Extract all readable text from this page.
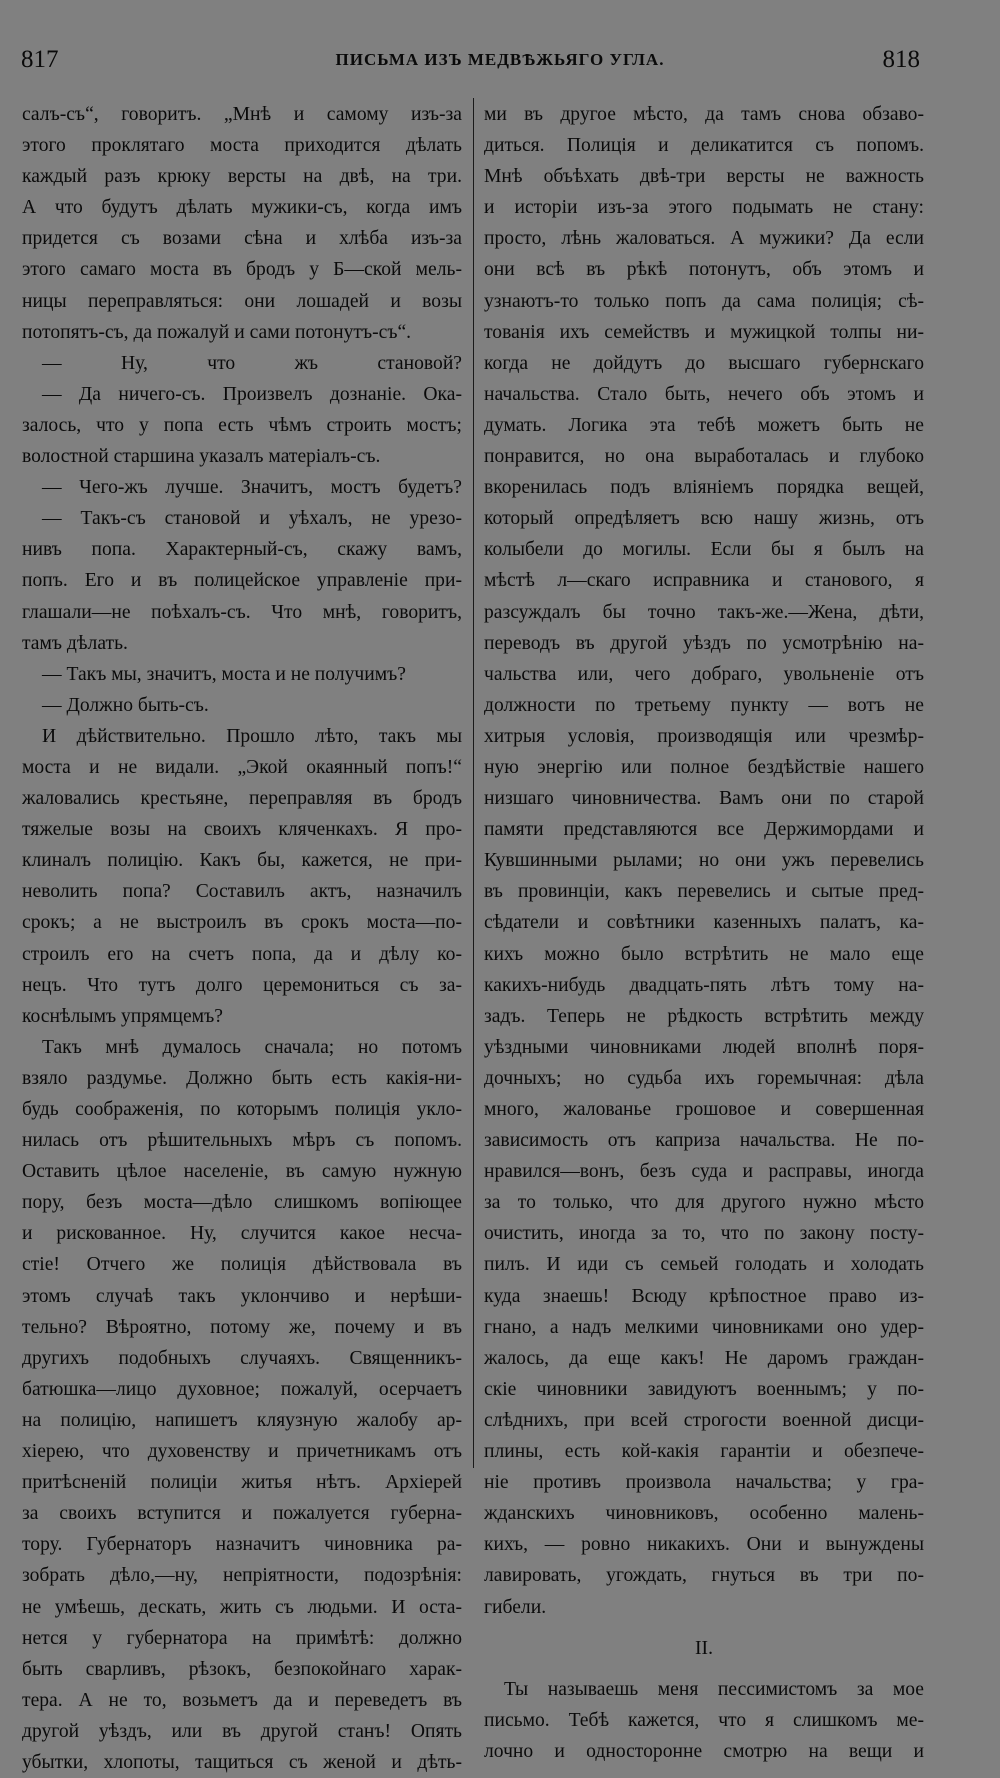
817	ПИСЬМА ИЗЪ МЕДВѢЖЬЯГО УГЛА.	818
салъ-съ“, говоритъ. „Мнѣ и самому изъ-за
этого проклятаго моста приходится дѣлать
каждый разъ крюку версты на двѣ, на три.
А что будутъ дѣлать мужики-съ, когда имъ
придется съ возами сѣна и хлѣба изъ-за
этого самаго моста въ бродъ у Б—ской мель-
ницы переправляться: они лошадей и возы
потопятъ-съ, да пожалуй и сами потонутъ-съ“.
— Ну, что жъ становой?
— Да ничего-съ. Произвелъ дознаніе. Ока-
залось, что у попа есть чѣмъ строить мостъ;
волостной старшина указалъ матеріалъ-съ.
— Чего-жъ лучше. Значитъ, мостъ будетъ?
— Такъ-съ становой и уѣхалъ, не урезо-
нивъ попа. Характерный-съ, скажу вамъ,
попъ. Его и въ полицейское управленіе при-
глашали—не поѣхалъ-съ. Что мнѣ, говоритъ,
тамъ дѣлать.
— Такъ мы, значитъ, моста и не получимъ?
— Должно быть-съ.
И дѣйствительно. Прошло лѣто, такъ мы
моста и не видали. „Экой окаянный попъ!“
жаловались крестьяне, переправляя въ бродъ
тяжелые возы на своихъ кляченкахъ. Я про-
клиналъ полицію. Какъ бы, кажется, не при-
неволить попа? Составилъ актъ, назначилъ
срокъ; а не выстроилъ въ срокъ моста—по-
строилъ его на счетъ попа, да и дѣлу ко-
нецъ. Что тутъ долго церемониться съ за-
коснѣлымъ упрямцемъ?
Такъ мнѣ думалось сначала; но потомъ
взяло раздумье. Должно быть есть какія-ни-
будь соображенія, по которымъ полиція укло-
нилась отъ рѣшительныхъ мѣръ съ попомъ.
Оставить цѣлое населеніе, въ самую нужную
пору, безъ моста—дѣло слишкомъ вопіющее
и рискованное. Ну, случится какое несча-
стіе! Отчего же полиція дѣйствовала въ
этомъ случаѣ такъ уклончиво и нерѣши-
тельно? Вѣроятно, потому же, почему и въ
другихъ подобныхъ случаяхъ. Священникъ-
батюшка—лицо духовное; пожалуй, осерчаетъ
на полицію, напишетъ кляузную жалобу ар-
хіерею, что духовенству и причетникамъ отъ
притѣсненій полиціи житья нѣтъ. Архіерей
за своихъ вступится и пожалуется губерна-
тору. Губернаторъ назначитъ чиновника ра-
зобрать дѣло,—ну, непріятности, подозрѣнія:
не умѣешь, дескать, жить съ людьми. И оста-
нется у губернатора на примѣтѣ: должно
быть сварливъ, рѣзокъ, безпокойнаго харак-
тера. А не то, возьметъ да и переведетъ въ
другой уѣздъ, или въ другой станъ! Опять
убытки, хлопоты, тащиться съ женой и дѣть-
ми въ другое мѣсто, да тамъ снова обзаво-
диться. Полиція и деликатится съ попомъ.
Мнѣ объѣхать двѣ-три версты не важность
и исторіи изъ-за этого подымать не стану:
просто, лѣнь жаловаться. А мужики? Да если
они всѣ въ рѣкѣ потонутъ, объ этомъ и
узнаютъ-то только попъ да сама полиція; сѣ-
тованія ихъ семействъ и мужицкой толпы ни-
когда не дойдутъ до высшаго губернскаго
начальства. Стало быть, нечего объ этомъ и
думать. Логика эта тебѣ можетъ быть не
понравится, но она выработалась и глубоко
вкоренилась подъ вліяніемъ порядка вещей,
который опредѣляетъ всю нашу жизнь, отъ
колыбели до могилы. Если бы я былъ на
мѣстѣ л—скаго исправника и станового, я
разсуждалъ бы точно такъ-же.—Жена, дѣти,
переводъ въ другой уѣздъ по усмотрѣнію на-
чальства или, чего добраго, увольненіе отъ
должности по третьему пункту — вотъ не
хитрыя условія, производящія или чрезмѣр-
ную энергію или полное бездѣйствіе нашего
низшаго чиновничества. Вамъ они по старой
памяти представляются все Держимордами и
Кувшинными рылами; но они ужъ перевелись
въ провинціи, какъ перевелись и сытые пред-
сѣдатели и совѣтники казенныхъ палатъ, ка-
кихъ можно было встрѣтить не мало еще
какихъ-нибудь двадцать-пять лѣтъ тому на-
задъ. Теперь не рѣдкость встрѣтить между
уѣздными чиновниками людей вполнѣ поря-
дочныхъ; но судьба ихъ горемычная: дѣла
много, жалованье грошовое и совершенная
зависимость отъ каприза начальства. Не по-
нравился—вонъ, безъ суда и расправы, иногда
за то только, что для другого нужно мѣсто
очистить, иногда за то, что по закону посту-
пилъ. И иди съ семьей голодать и холодать
куда знаешь! Всюду крѣпостное право из-
гнано, а надъ мелкими чиновниками оно удер-
жалось, да еще какъ! Не даромъ граждан-
скіе чиновники завидуютъ военнымъ; у по-
слѣднихъ, при всей строгости военной дисци-
плины, есть кой-какія гарантіи и обезпече-
ніе противъ произвола начальства; у гра-
жданскихъ чиновниковъ, особенно малень-
кихъ, — ровно никакихъ. Они и вынуждены
лавировать, угождать, гнуться въ три по-
гибели.
II.
Ты называешь меня пессимистомъ за мое
письмо. Тебѣ кажется, что я слишкомъ ме-
лочно и односторонне смотрю на вещи и
